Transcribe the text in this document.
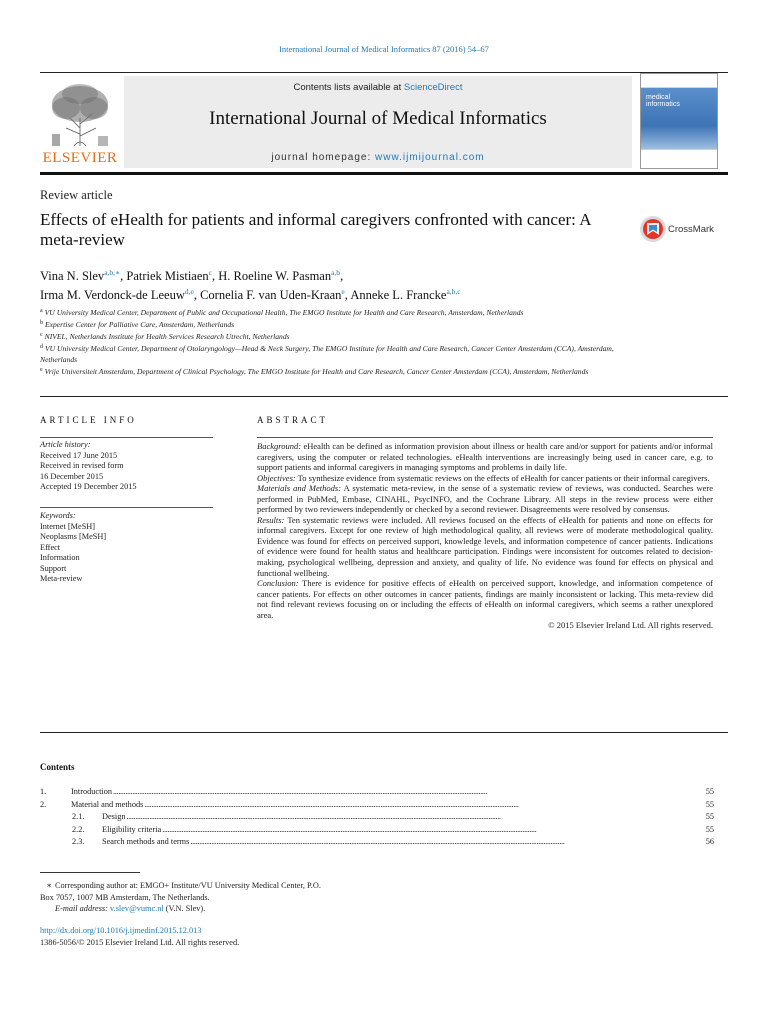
International Journal of Medical Informatics 87 (2016) 54–67
ELSEVIER
Contents lists available at ScienceDirect
International Journal of Medical Informatics
journal homepage: www.ijmijournal.com
medical
informatics
Review article
Effects of eHealth for patients and informal caregivers confronted with cancer: A meta-review
CrossMark
Vina N. Slev$^{a,b,∗}$, Patriek Mistiaen$^c$, H. Roeline W. Pasman$^{a,b}$,
Irma M. Verdonck-de Leeuw$^{d,e}$, Cornelia F. van Uden-Kraan$^e$, Anneke L. Francke$^{a,b,c}$
$^a$ VU University Medical Center, Department of Public and Occupational Health, The EMGO Institute for Health and Care Research, Amsterdam, Netherlands
$^b$ Expertise Center for Palliative Care, Amsterdam, Netherlands
$^c$ NIVEL, Netherlands Institute for Health Services Research Utrecht, Netherlands
$^d$ VU University Medical Center, Department of Otolaryngology—Head & Neck Surgery, The EMGO Institute for Health and Care Research, Cancer Center Amsterdam (CCA), Amsterdam, Netherlands
$^e$ Vrije Universiteit Amsterdam, Department of Clinical Psychology, The EMGO Institute for Health and Care Research, Cancer Center Amsterdam (CCA), Amsterdam, Netherlands
ARTICLE INFO	ABSTRACT
Article history:
Received 17 June 2015
Received in revised form
16 December 2015
Accepted 19 December 2015
Keywords:
Internet [MeSH]
Neoplasms [MeSH]
Effect
Information
Support
Meta-review

Background: eHealth can be defined as information provision about illness or health care and/or support for patients and/or informal caregivers, using the computer or related technologies. eHealth interventions are increasingly being used in cancer care, e.g. to support patients and informal caregivers in managing symptoms and problems in daily life.

Objectives: To synthesize evidence from systematic reviews on the effects of eHealth for cancer patients or their informal caregivers.

Materials and Methods: A systematic meta-review, in the sense of a systematic review of reviews, was conducted. Searches were performed in PubMed, Embase, CINAHL, PsycINFO, and the Cochrane Library. All steps in the review process were either performed by two reviewers independently or checked by a second reviewer. Disagreements were resolved by consensus.

Results: Ten systematic reviews were included. All reviews focused on the effects of eHealth for patients and none on effects for informal caregivers. Except for one review of high methodological quality, all reviews were of moderate methodological quality. Evidence was found for effects on perceived support, knowledge levels, and information competence of cancer patients. Indications of evidence were found for health status and healthcare participation. Findings were inconsistent for outcomes related to decision-making, psychological wellbeing, depression and anxiety, and quality of life. No evidence was found for effects on physical and functional wellbeing.

Conclusion: There is evidence for positive effects of eHealth on perceived support, knowledge, and information competence of cancer patients. For effects on other outcomes in cancer patients, findings are mainly inconsistent or lacking. This meta-review did not find relevant reviews focusing on or including the effects of eHealth on informal caregivers, which seems a rather unexplored area.

© 2015 Elsevier Ireland Ltd. All rights reserved.

Contents
1.	Introduction . . .	55
2.	Material and methods . . .	55
2.1.	Design . . .	55
2.2.	Eligibility criteria . . .	55
2.3.	Search methods and terms . . .	56
∗ Corresponding author at: EMGO+ Institute/VU University Medical Center, P.O.
Box 7057, 1007 MB Amsterdam, The Netherlands.
E-mail address: v.slev@vumc.nl (V.N. Slev).
http://dx.doi.org/10.1016/j.ijmedinf.2015.12.013
1386-5056/© 2015 Elsevier Ireland Ltd. All rights reserved.
